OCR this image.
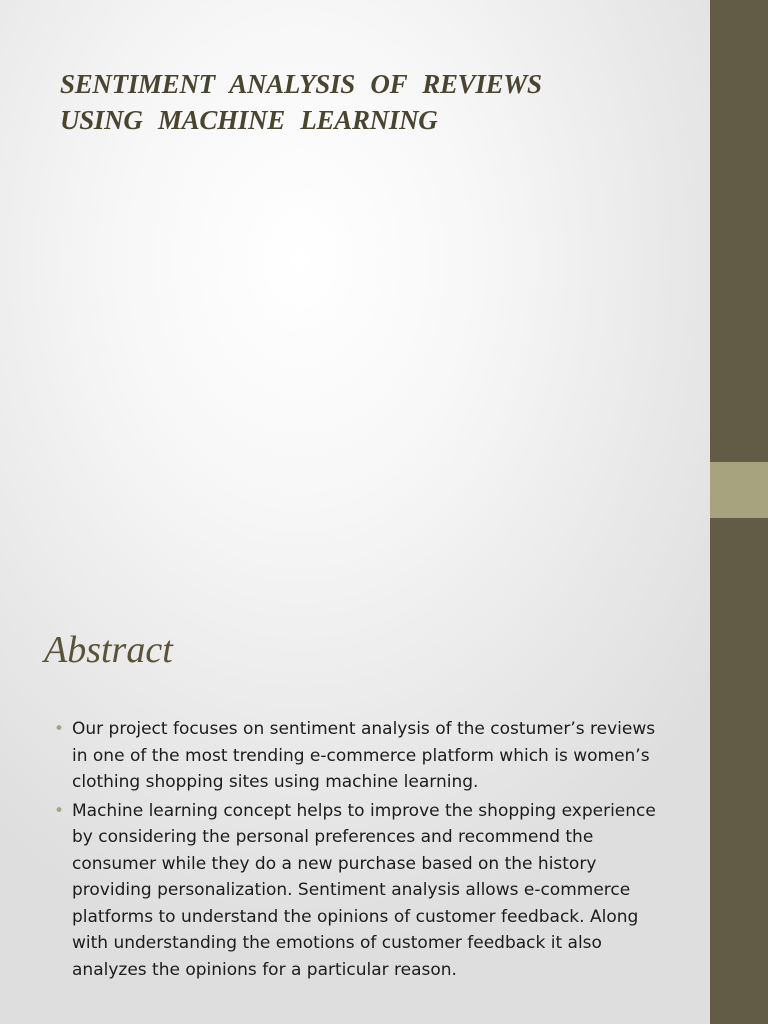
SENTIMENT ANALYSIS OF REVIEWS
USING MACHINE LEARNING
Abstract
• Our project focuses on sentiment analysis of the costumer’s reviews in one of the most trending e-commerce platform which is women’s clothing shopping sites using machine learning.
• Machine learning concept helps to improve the shopping experience by considering the personal preferences and recommend the consumer while they do a new purchase based on the history providing personalization. Sentiment analysis allows e-commerce platforms to understand the opinions of customer feedback. Along with understanding the emotions of customer feedback it also analyzes the opinions for a particular reason.
